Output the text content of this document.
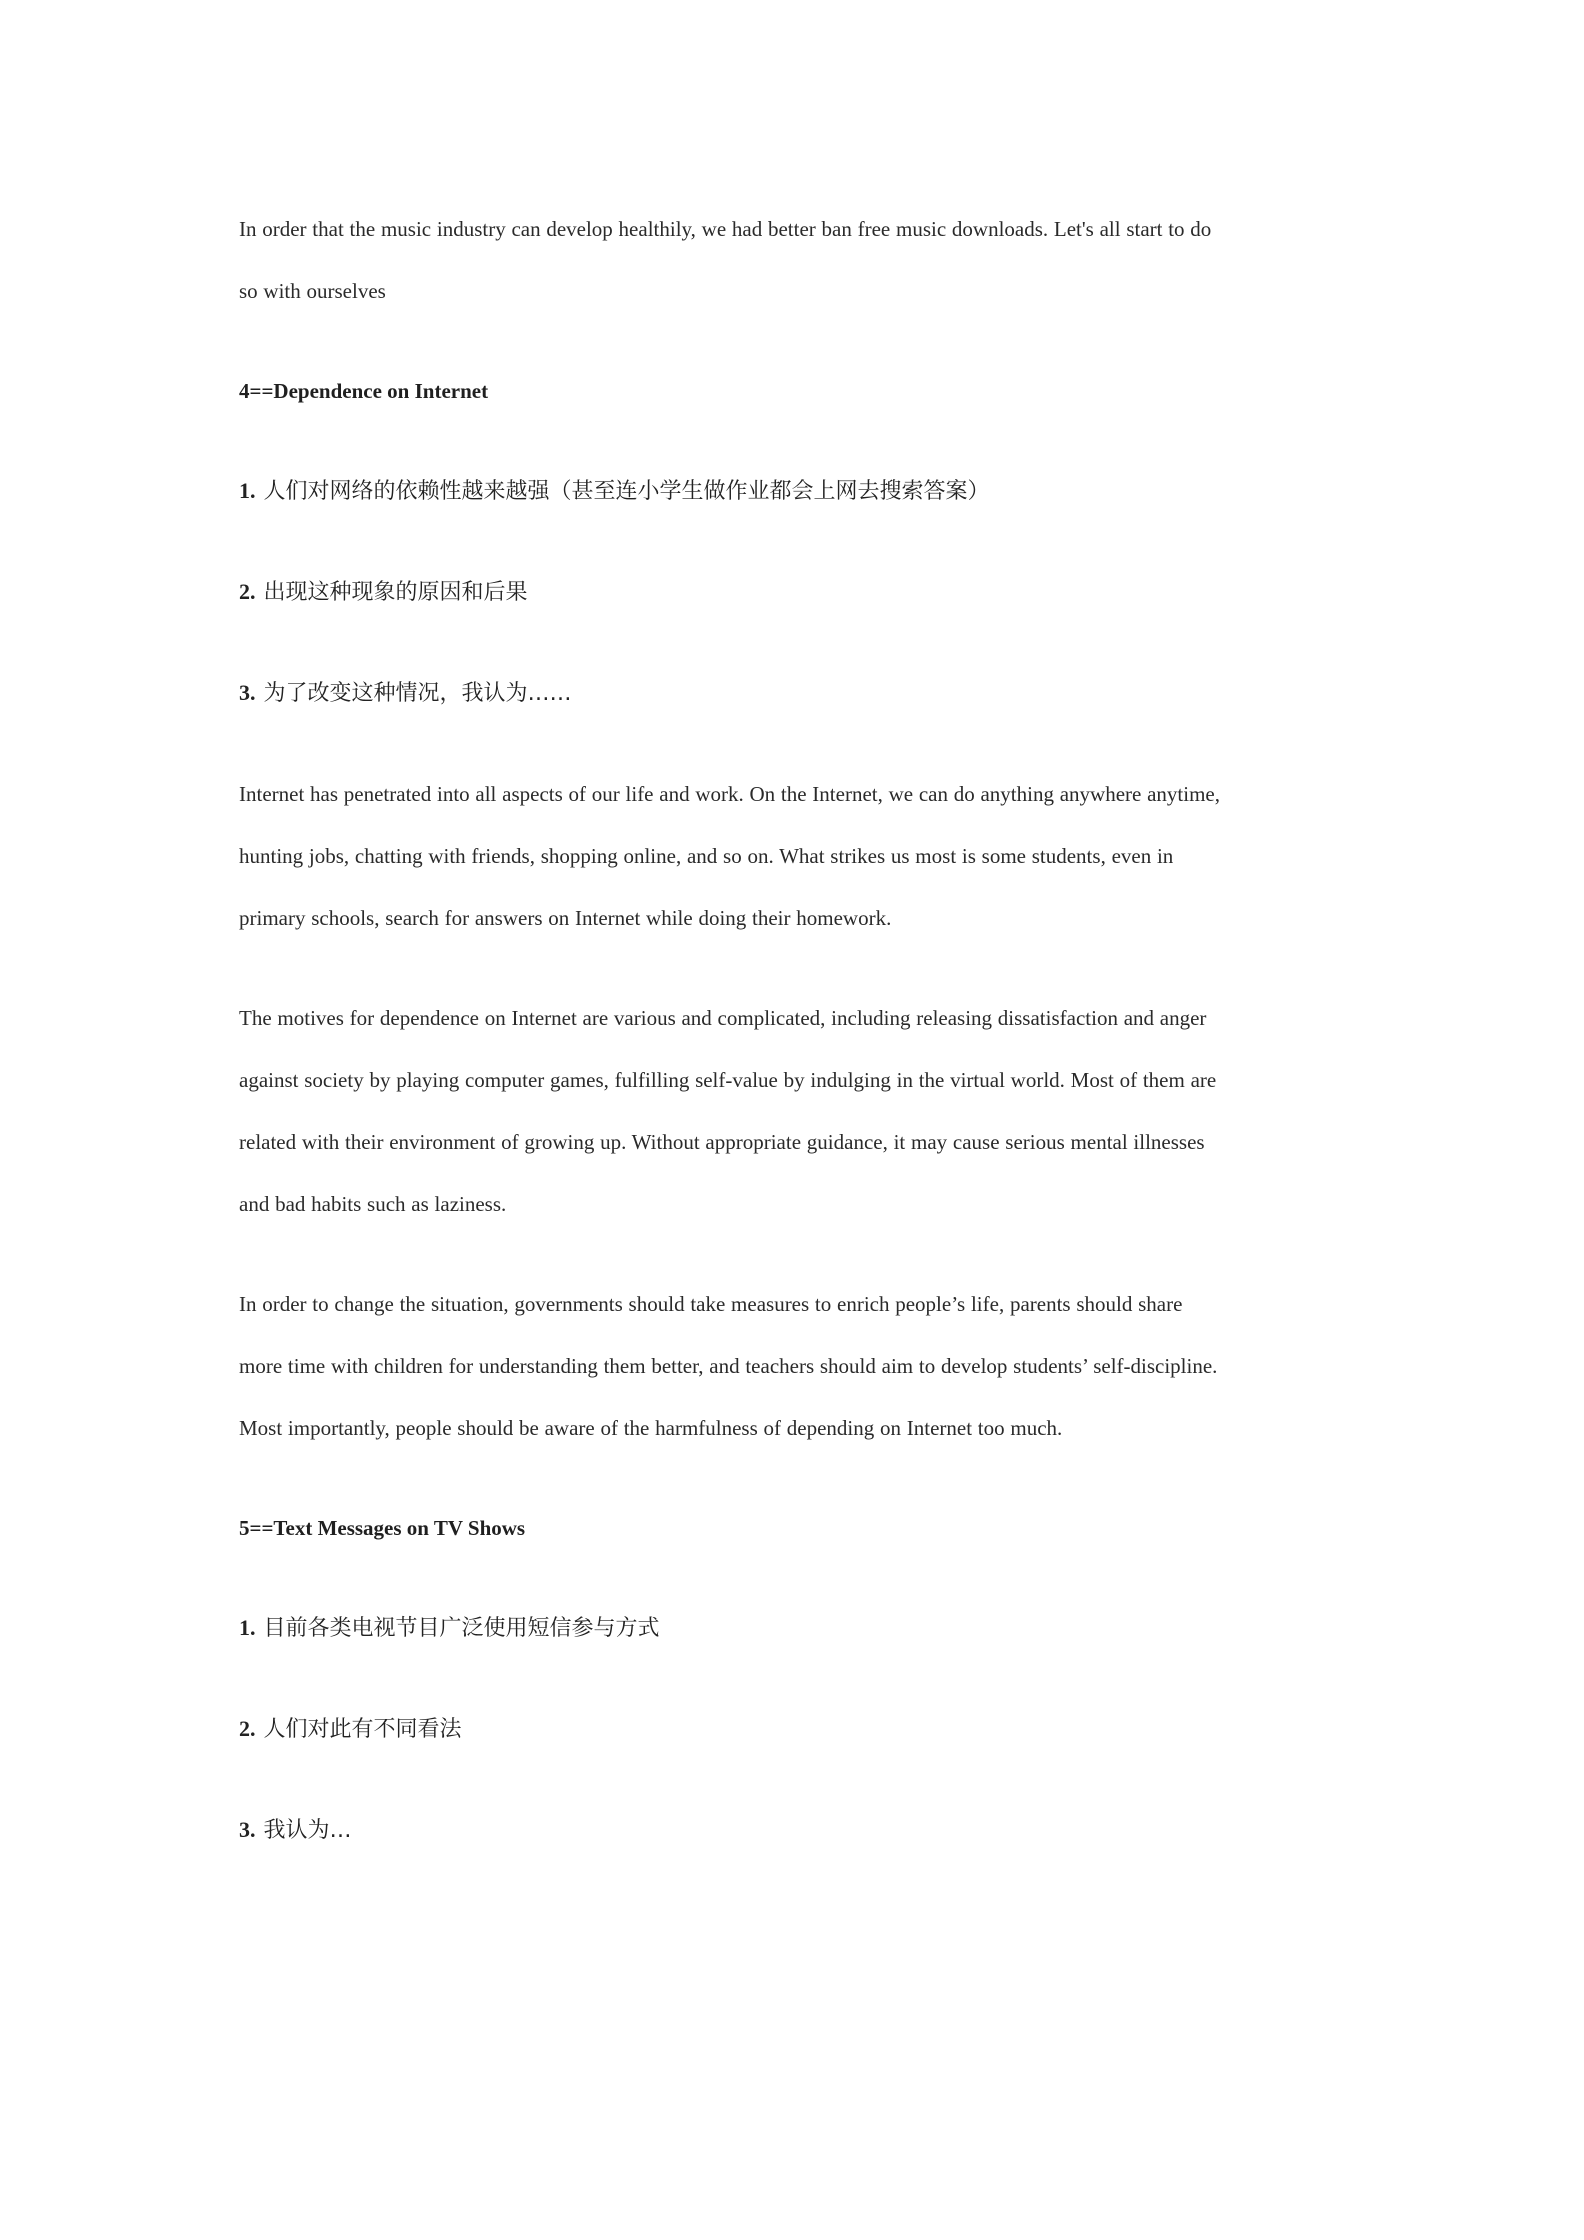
In order that the music industry can develop healthily, we had better ban free music downloads. Let's all start to do
so with ourselves

4==Dependence on Internet
1. 人们对网络的依赖性越来越强（甚至连小学生做作业都会上网去搜索答案）
2. 出现这种现象的原因和后果
3. 为了改变这种情况，我认为……

Internet has penetrated into all aspects of our life and work. On the Internet, we can do anything anywhere anytime,
hunting jobs, chatting with friends, shopping online, and so on. What strikes us most is some students, even in
primary schools, search for answers on Internet while doing their homework.

The motives for dependence on Internet are various and complicated, including releasing dissatisfaction and anger
against society by playing computer games, fulfilling self-value by indulging in the virtual world. Most of them are
related with their environment of growing up. Without appropriate guidance, it may cause serious mental illnesses
and bad habits such as laziness.

In order to change the situation, governments should take measures to enrich people’s life, parents should share
more time with children for understanding them better, and teachers should aim to develop students’ self-discipline.
Most importantly, people should be aware of the harmfulness of depending on Internet too much.

5==Text Messages on TV Shows
1. 目前各类电视节目广泛使用短信参与方式
2. 人们对此有不同看法
3. 我认为…
